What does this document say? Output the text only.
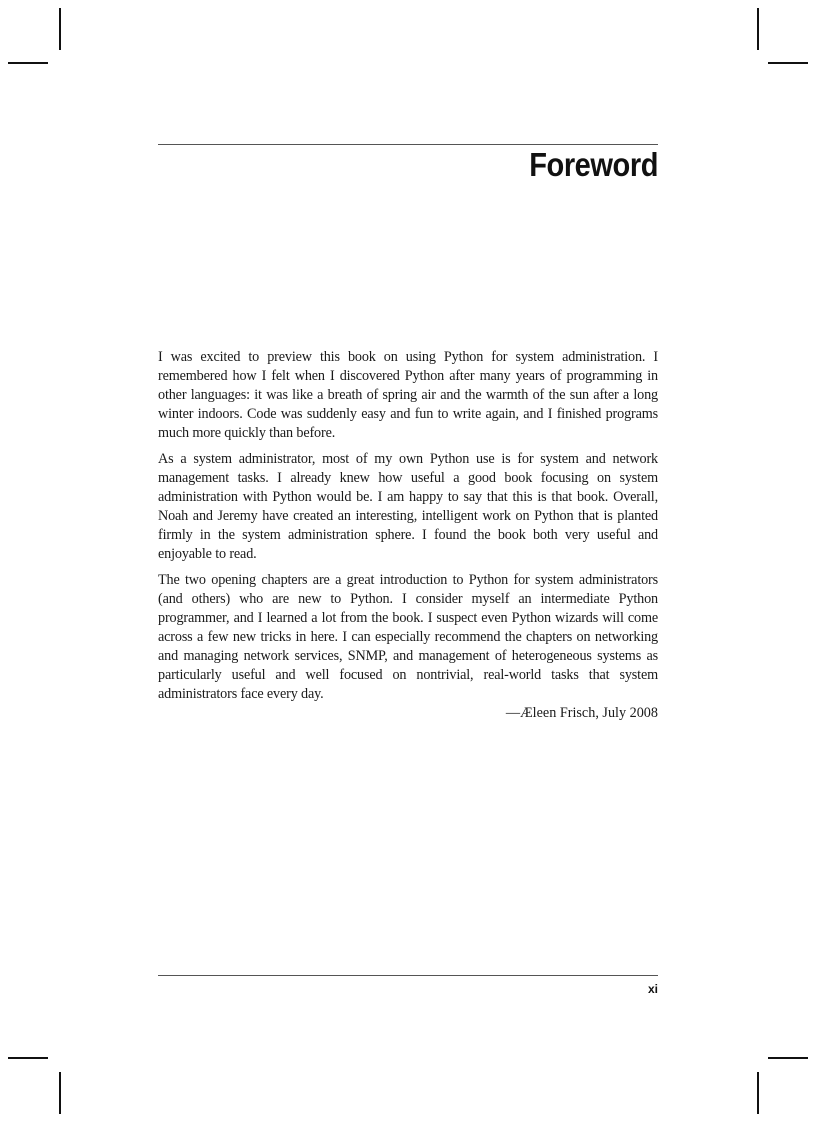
Foreword

I was excited to preview this book on using Python for system administration. I remembered how I felt when I discovered Python after many years of programming in other languages: it was like a breath of spring air and the warmth of the sun after a long winter indoors. Code was suddenly easy and fun to write again, and I finished programs much more quickly than before.

As a system administrator, most of my own Python use is for system and network management tasks. I already knew how useful a good book focusing on system administration with Python would be. I am happy to say that this is that book. Overall, Noah and Jeremy have created an interesting, intelligent work on Python that is planted firmly in the system administration sphere. I found the book both very useful and enjoyable to read.

The two opening chapters are a great introduction to Python for system administrators (and others) who are new to Python. I consider myself an intermediate Python programmer, and I learned a lot from the book. I suspect even Python wizards will come across a few new tricks in here. I can especially recommend the chapters on networking and managing network services, SNMP, and management of heterogeneous systems as particularly useful and well focused on nontrivial, real-world tasks that system administrators face every day.

—Æleen Frisch, July 2008

xi
